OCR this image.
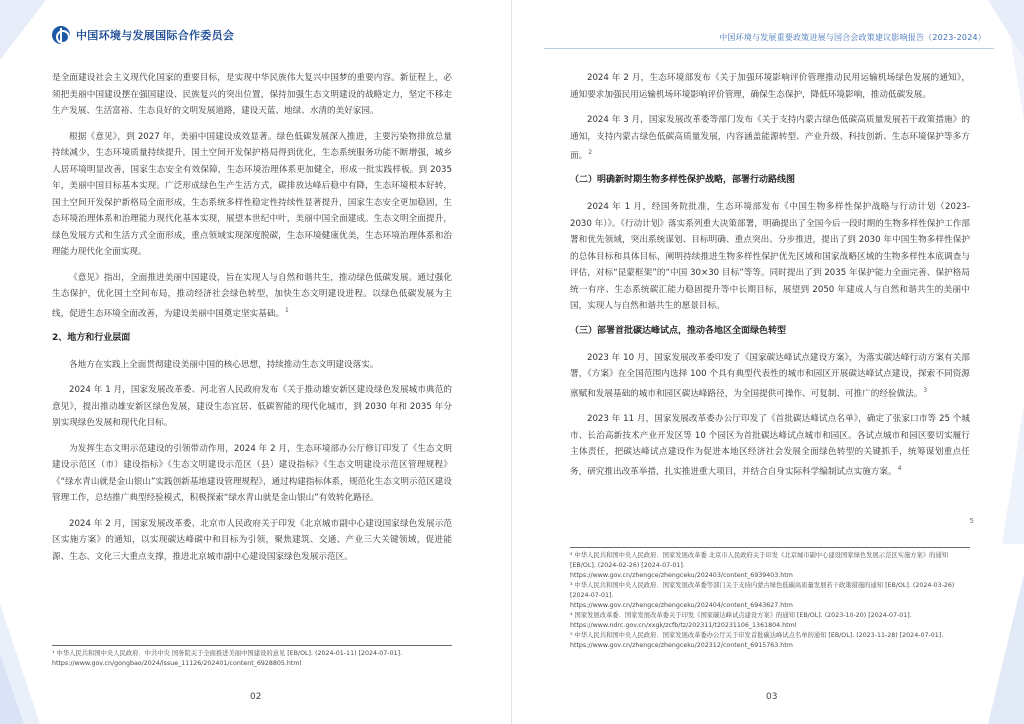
中国环境与发展国际合作委员会

是全面建设社会主义现代化国家的重要目标，是实现中华民族伟大复兴中国梦的重要内容。新征程上，必须把美丽中国建设摆在强国建设、民族复兴的突出位置，保持加强生态文明建设的战略定力，坚定不移走生产发展、生活富裕、生态良好的文明发展道路，建设天蓝、地绿、水清的美好家园。

根据《意见》，到 2027 年，美丽中国建设成效显著。绿色低碳发展深入推进，主要污染物排放总量持续减少，生态环境质量持续提升，国土空间开发保护格局得到优化，生态系统服务功能不断增强，城乡人居环境明显改善，国家生态安全有效保障，生态环境治理体系更加健全，形成一批实践样板。到 2035 年，美丽中国目标基本实现。广泛形成绿色生产生活方式，碳排放达峰后稳中有降，生态环境根本好转，国土空间开发保护新格局全面形成，生态系统多样性稳定性持续性显著提升，国家生态安全更加稳固，生态环境治理体系和治理能力现代化基本实现，展望本世纪中叶，美丽中国全面建成。生态文明全面提升，绿色发展方式和生活方式全面形成，重点领域实现深度脱碳，生态环境健康优美，生态环境治理体系和治理能力现代化全面实现。

《意见》指出，全面推进美丽中国建设，旨在实现人与自然和谐共生，推动绿色低碳发展。通过强化生态保护，优化国土空间布局，推动经济社会绿色转型，加快生态文明建设进程。以绿色低碳发展为主线，促进生态环境全面改善，为建设美丽中国奠定坚实基础。$^1$

2、地方和行业层面

各地方在实践上全面贯彻建设美丽中国的核心思想，持续推动生态文明建设落实。

2024 年 1 月，国家发展改革委、河北省人民政府发布《关于推动雄安新区建设绿色发展城市典范的意见》，提出推动雄安新区绿色发展，建设生态宜居、低碳智能的现代化城市，到 2030 年和 2035 年分别实现绿色发展和现代化目标。

为发挥生态文明示范建设的引领带动作用，2024 年 2 月，生态环境部办公厅修订印发了《生态文明建设示范区（市）建设指标》《生态文明建设示范区（县）建设指标》《生态文明建设示范区管理规程》《“绿水青山就是金山银山”实践创新基地建设管理规程》，通过构建指标体系，规范化生态文明示范区建设管理工作，总结推广典型经验模式，积极探索“绿水青山就是金山银山”有效转化路径。

2024 年 2 月，国家发展改革委、北京市人民政府关于印发《北京城市副中心建设国家绿色发展示范区实施方案》的通知，以实现碳达峰碳中和目标为引领，聚焦建筑、交通、产业三大关键领域，促进能源、生态、文化三大重点支撑，推进北京城市副中心建设国家绿色发展示范区。

¹ 中华人民共和国中央人民政府．中共中央 国务院关于全面推进美丽中国建设的意见 [EB/OL]. (2024-01-11) [2024-07-01]. https://www.gov.cn/gongbao/2024/issue_11126/202401/content_6928805.html
02
中国环境与发展重要政策进展与国合会政策建议影响报告（2023-2024）

2024 年 2 月，生态环境部发布《关于加强环境影响评价管理推动民用运输机场绿色发展的通知》，通知要求加强民用运输机场环境影响评价管理，确保生态保护，降低环境影响，推动低碳发展。

2024 年 3 月，国家发展改革委等部门发布《关于支持内蒙古绿色低碳高质量发展若干政策措施》的通知，支持内蒙古绿色低碳高质量发展，内容涵盖能源转型、产业升级、科技创新、生态环境保护等多方面。$^2$

（二）明确新时期生物多样性保护战略，部署行动路线图

2024 年 1 月，经国务院批准，生态环境部发布《中国生物多样性保护战略与行动计划（2023-2030 年）》。《行动计划》落实系列重大决策部署，明确提出了全国今后一段时期的生物多样性保护工作部署和优先领域，突出系统谋划、目标明确、重点突出、分步推进，提出了到 2030 年中国生物多样性保护的总体目标和具体目标，阐明持续推进生物多样性保护优先区域和国家战略区域的生物多样性本底调查与评估，对标“昆蒙框架”的“中国 30×30 目标”等等。同时提出了到 2035 年保护能力全面完善、保护格局统一有序、生态系统碳汇能力稳固提升等中长期目标，展望到 2050 年建成人与自然和谐共生的美丽中国，实现人与自然和谐共生的愿景目标。

（三）部署首批碳达峰试点，推动各地区全面绿色转型

2023 年 10 月，国家发展改革委印发了《国家碳达峰试点建设方案》，为落实碳达峰行动方案有关部署，《方案》在全国范围内选择 100 个具有典型代表性的城市和园区开展碳达峰试点建设，探索不同资源禀赋和发展基础的城市和园区碳达峰路径，为全国提供可操作、可复制、可推广的经验做法。$^3$

2023 年 11 月，国家发展改革委办公厅印发了《首批碳达峰试点名单》，确定了张家口市等 25 个城市、长治高新技术产业开发区等 10 个园区为首批碳达峰试点城市和园区。各试点城市和园区要切实履行主体责任，把碳达峰试点建设作为促进本地区经济社会发展全面绿色转型的关键抓手，统筹谋划重点任务，研究推出改革举措，扎实推进重大项目，并结合自身实际科学编制试点实施方案。$^4$

5
² 中华人民共和国中央人民政府．国家发展改革委 北京市人民政府关于印发《北京城市副中心建设国家绿色发展示范区实施方案》的通知 [EB/OL]. (2024-02-26) [2024-07-01].
https://www.gov.cn/zhengce/zhengceku/202403/content_6939403.htm
³ 中华人民共和国中央人民政府．国家发展改革委等部门关于支持内蒙古绿色低碳高质量发展若干政策措施的通知 [EB/OL]. (2024-03-26) [2024-07-01].
https://www.gov.cn/zhengce/zhengceku/202404/content_6943627.htm
⁴ 国家发展改革委．国家发展改革委关于印发《国家碳达峰试点建设方案》的通知 [EB/OL]. (2023-10-20) [2024-07-01].
https://www.ndrc.gov.cn/xxgk/zcfb/tz/202311/t20231106_1361804.html
⁵ 中华人民共和国中央人民政府．国家发展改革委办公厅关于印发首批碳达峰试点名单的通知 [EB/OL]. (2023-11-28) [2024-07-01].
https://www.gov.cn/zhengce/zhengceku/202312/content_6915763.htm
03
